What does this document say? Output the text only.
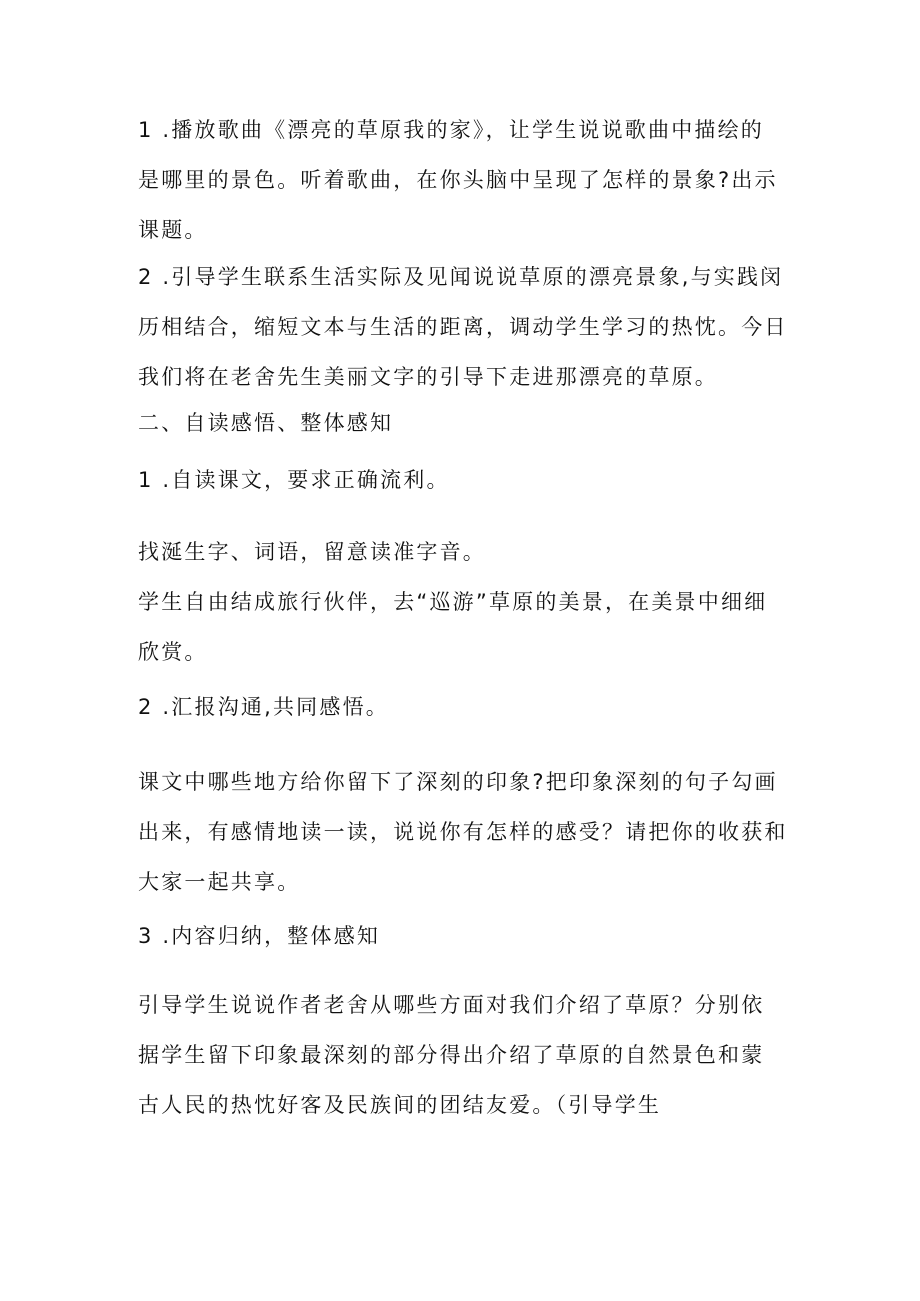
1 .播放歌曲《漂亮的草原我的家》，让学生说说歌曲中描绘的
是哪里的景色。听着歌曲，在你头脑中呈现了怎样的景象?出示
课题。
2 .引导学生联系生活实际及见闻说说草原的漂亮景象,与实践闵
历相结合，缩短文本与生活的距离，调动学生学习的热忱。今日
我们将在老舍先生美丽文字的引导下走进那漂亮的草原。
二、自读感悟、整体感知
1 .自读课文，要求正确流利。
找涎生字、词语，留意读准字音。
学生自由结成旅行伙伴，去“巡游”草原的美景，在美景中细细
欣赏。
2 .汇报沟通,共同感悟。
课文中哪些地方给你留下了深刻的印象?把印象深刻的句子勾画
出来，有感情地读一读，说说你有怎样的感受？请把你的收获和
大家一起共享。
3 .内容归纳，整体感知
引导学生说说作者老舍从哪些方面对我们介绍了草原？分别依
据学生留下印象最深刻的部分得出介绍了草原的自然景色和蒙
古人民的热忱好客及民族间的团结友爱。（引导学生
